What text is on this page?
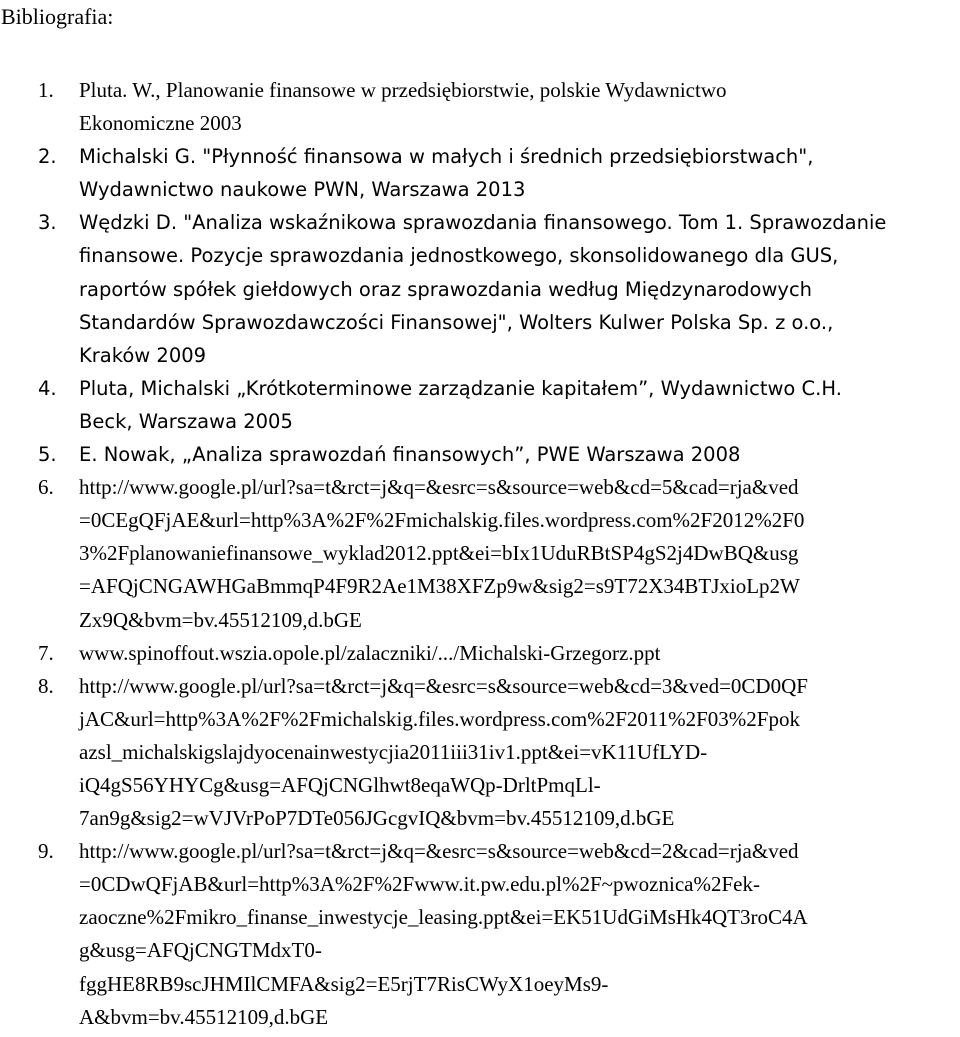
Bibliografia:
1. Pluta. W., Planowanie finansowe w przedsiębiorstwie, polskie Wydawnictwo
Ekonomiczne 2003
2. Michalski G. "Płynność finansowa w małych i średnich przedsiębiorstwach",
Wydawnictwo naukowe PWN, Warszawa 2013
3. Wędzki D. "Analiza wskaźnikowa sprawozdania finansowego. Tom 1. Sprawozdanie
finansowe. Pozycje sprawozdania jednostkowego, skonsolidowanego dla GUS,
raportów spółek giełdowych oraz sprawozdania według Międzynarodowych
Standardów Sprawozdawczości Finansowej", Wolters Kulwer Polska Sp. z o.o.,
Kraków 2009
4. Pluta, Michalski „Krótkoterminowe zarządzanie kapitałem”, Wydawnictwo C.H.
Beck, Warszawa 2005
5. E. Nowak, „Analiza sprawozdań finansowych”, PWE Warszawa 2008
6. http://www.google.pl/url?sa=t&rct=j&q=&esrc=s&source=web&cd=5&cad=rja&ved
=0CEgQFjAE&url=http%3A%2F%2Fmichalskig.files.wordpress.com%2F2012%2F0
3%2Fplanowaniefinansowe_wyklad2012.ppt&ei=bIx1UduRBtSP4gS2j4DwBQ&usg
=AFQjCNGAWHGaBmmqP4F9R2Ae1M38XFZp9w&sig2=s9T72X34BTJxioLp2W
Zx9Q&bvm=bv.45512109,d.bGE
7. www.spinoffout.wszia.opole.pl/zalaczniki/.../Michalski-Grzegorz.ppt
8. http://www.google.pl/url?sa=t&rct=j&q=&esrc=s&source=web&cd=3&ved=0CD0QF
jAC&url=http%3A%2F%2Fmichalskig.files.wordpress.com%2F2011%2F03%2Fpok
azsl_michalskigslajdyocenainwestycjia2011iii31iv1.ppt&ei=vK11UfLYD-
iQ4gS56YHYCg&usg=AFQjCNGlhwt8eqaWQp-DrltPmqLl-
7an9g&sig2=wVJVrPoP7DTe056JGcgvIQ&bvm=bv.45512109,d.bGE
9. http://www.google.pl/url?sa=t&rct=j&q=&esrc=s&source=web&cd=2&cad=rja&ved
=0CDwQFjAB&url=http%3A%2F%2Fwww.it.pw.edu.pl%2F~pwoznica%2Fek-
zaoczne%2Fmikro_finanse_inwestycje_leasing.ppt&ei=EK51UdGiMsHk4QT3roC4A
g&usg=AFQjCNGTMdxT0-
fggHE8RB9scJHMIlCMFA&sig2=E5rjT7RisCWyX1oeyMs9-
A&bvm=bv.45512109,d.bGE
